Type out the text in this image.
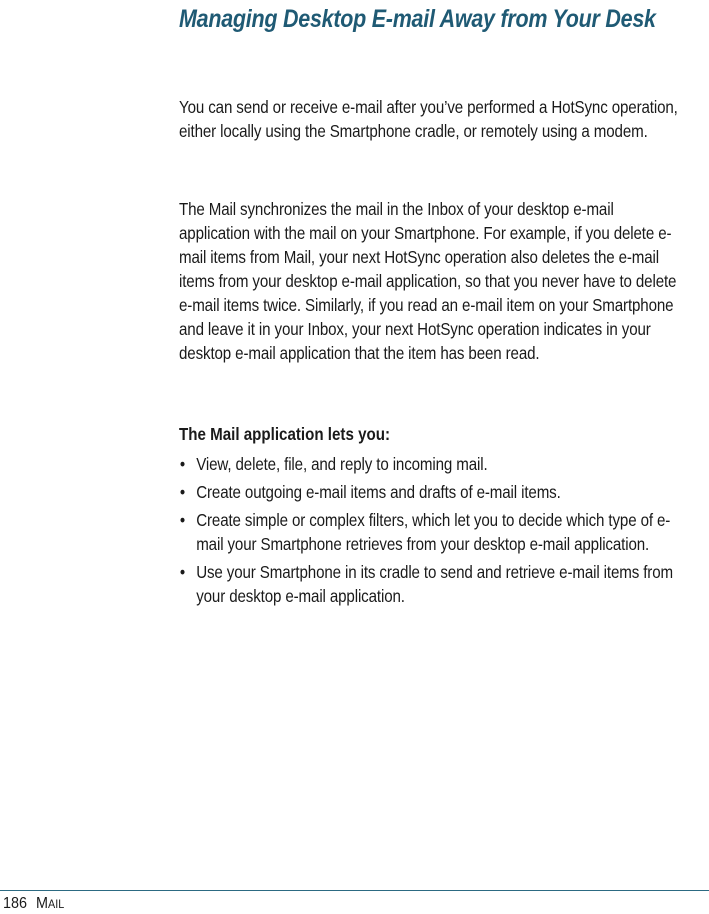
Managing Desktop E-mail Away from Your Desk

You can send or receive e-mail after you’ve performed a HotSync operation, either locally using the Smartphone cradle, or remotely using a modem.

The Mail synchronizes the mail in the Inbox of your desktop e-mail application with the mail on your Smartphone. For example, if you delete e-mail items from Mail, your next HotSync operation also deletes the e-mail items from your desktop e-mail application, so that you never have to delete e-mail items twice. Similarly, if you read an e-mail item on your Smartphone and leave it in your Inbox, your next HotSync operation indicates in your desktop e-mail application that the item has been read.

The Mail application lets you:

• View, delete, file, and reply to incoming mail.
• Create outgoing e-mail items and drafts of e-mail items.
• Create simple or complex filters, which let you to decide which type of e-mail your Smartphone retrieves from your desktop e-mail application.
• Use your Smartphone in its cradle to send and retrieve e-mail items from your desktop e-mail application.
186 MAIL
